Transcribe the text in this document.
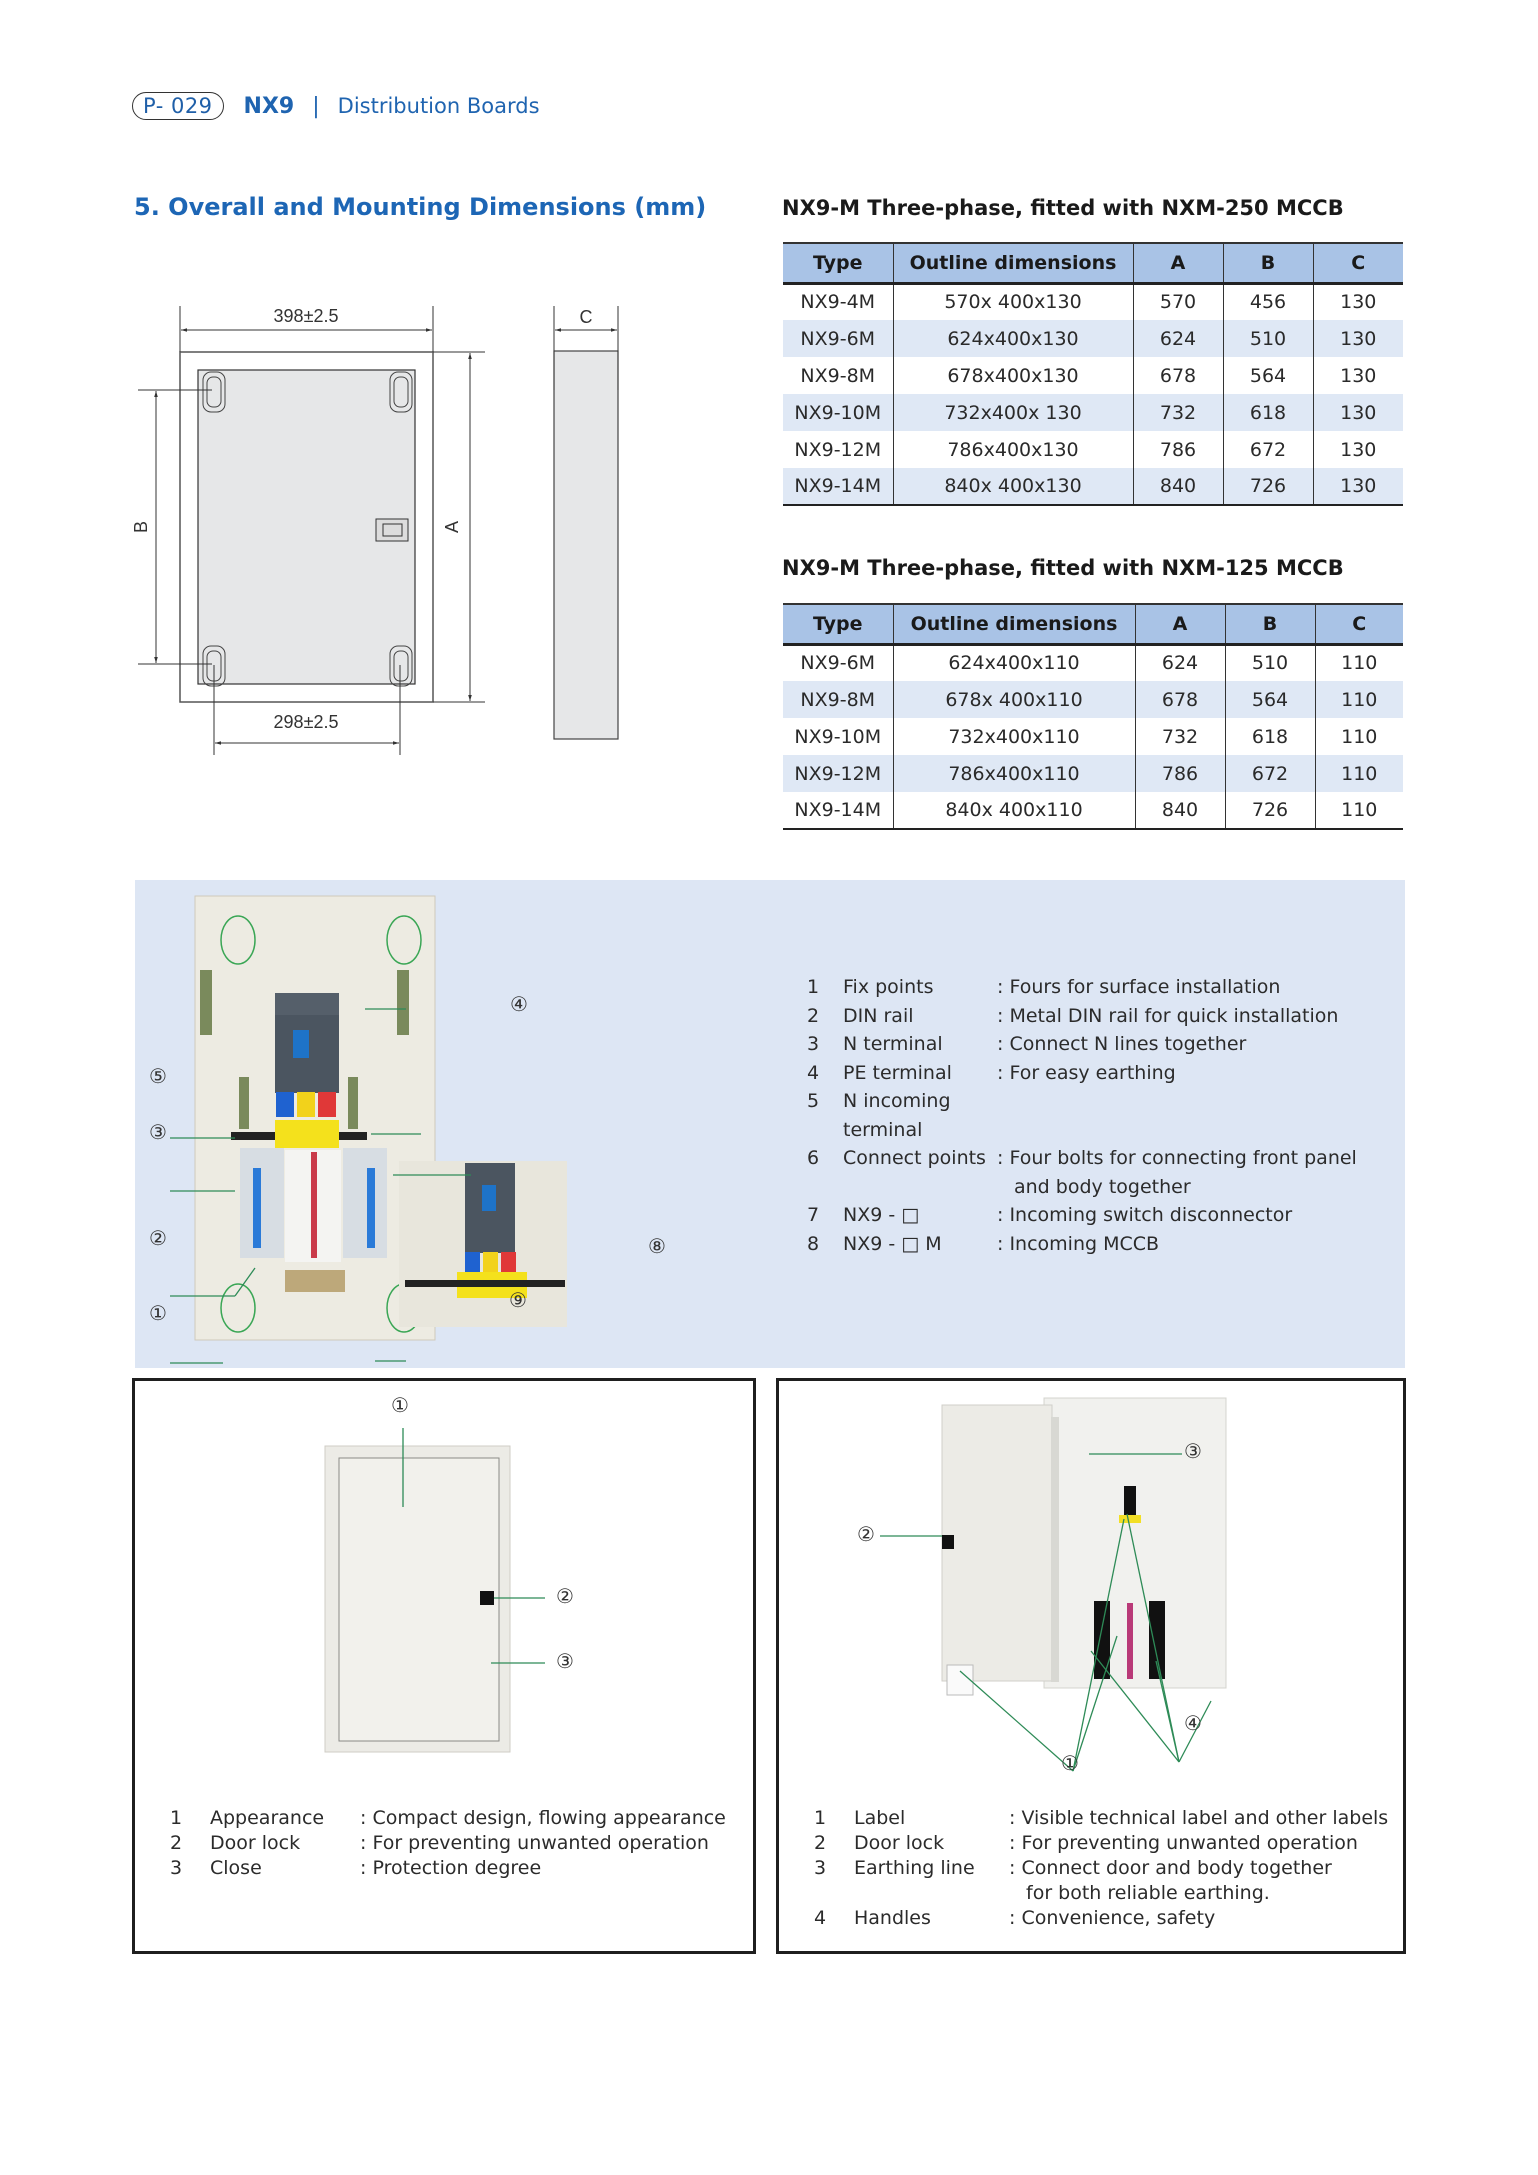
P- 029	NX9 | Distribution Boards
5. Overall and Mounting Dimensions (mm)
398±2.5
298±2.5
A
B
C
NX9-M Three-phase, fitted with NXM-250 MCCB
Type	Outline dimensions	A	B	C
NX9-4M	570x 400x130	570	456	130
NX9-6M	624x400x130	624	510	130
NX9-8M	678x400x130	678	564	130
NX9-10M	732x400x 130	732	618	130
NX9-12M	786x400x130	786	672	130
NX9-14M	840x 400x130	840	726	130
NX9-M Three-phase, fitted with NXM-125 MCCB
Type	Outline dimensions	A	B	C
NX9-6M	624x400x110	624	510	110
NX9-8M	678x 400x110	678	564	110
NX9-10M	732x400x110	732	618	110
NX9-12M	786x400x110	786	672	110
NX9-14M	840x 400x110	840	726	110
④
⑤
③
②
①
⑨
⑧
1	Fix points	: Fours for surface installation
2	DIN rail	: Metal DIN rail for quick installation
3	N terminal	: Connect N lines together
4	PE terminal	: For easy earthing
5	N incoming terminal
6	Connect points : Four bolts for connecting front panel
and body together
7	NX9 - □	: Incoming switch disconnector
8	NX9 - □ M	: Incoming MCCB
①
②
③
1	Appearance	: Compact design, flowing appearance
2	Door lock	: For preventing unwanted operation
3	Close	: Protection degree
③
②
①
④
1	Label	: Visible technical label and other labels
2	Door lock	: For preventing unwanted operation
3	Earthing line	: Connect door and body together
for both reliable earthing.
4	Handles	: Convenience, safety
